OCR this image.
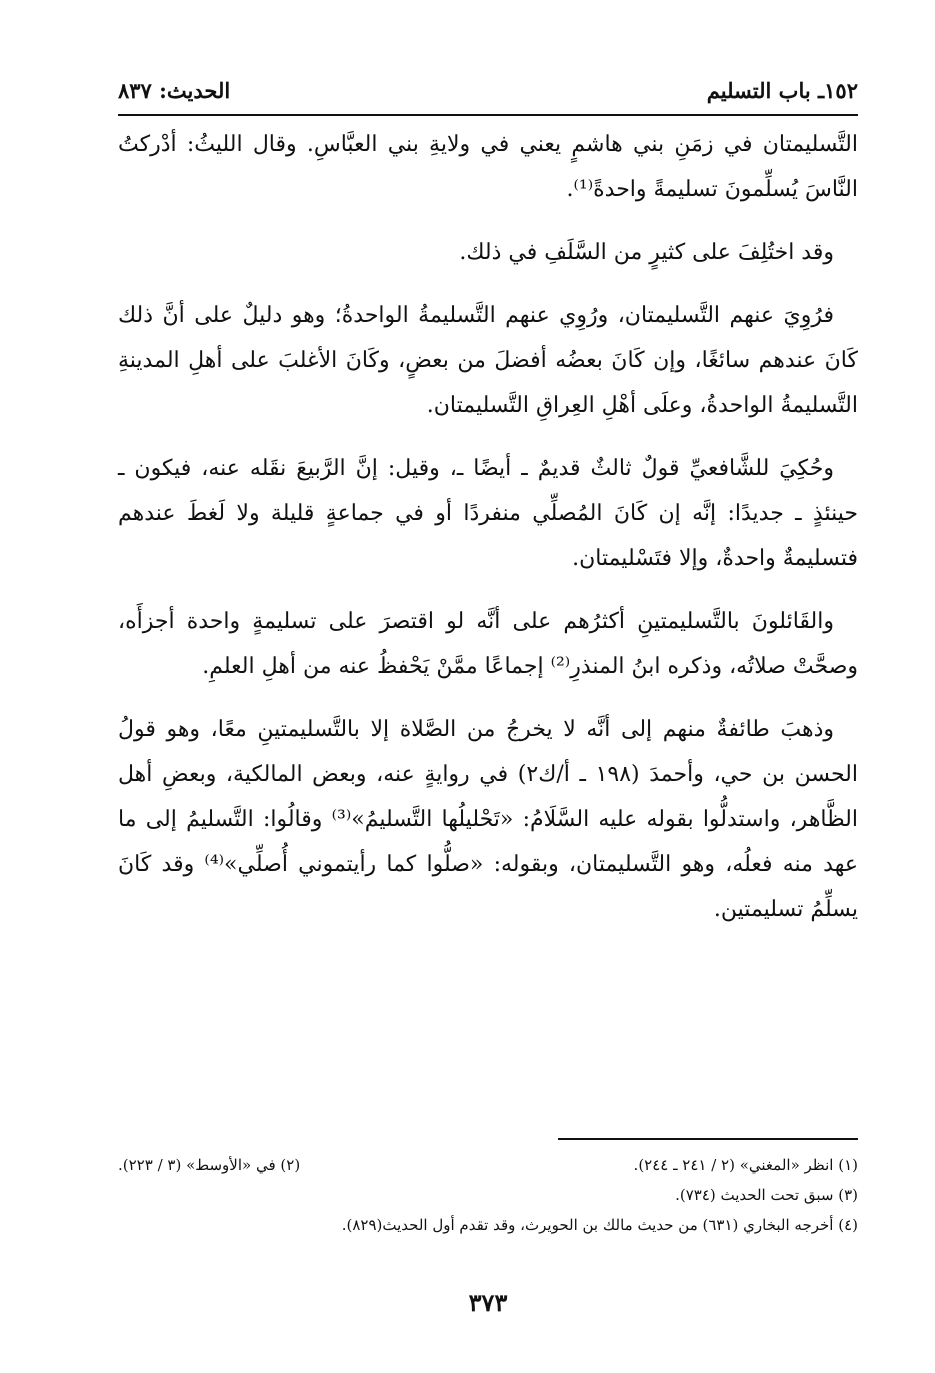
١٥٢ـ باب التسليم
الحديث: ٨٣٧

التَّسليمتان في زمَنِ بني هاشمٍ يعني في ولايةِ بني العبَّاسِ. وقال الليثُ: أدْركتُ النَّاسَ يُسلِّمونَ تسليمةً واحدةً⁽¹⁾.

وقد اختُلِفَ على كثيرٍ من السَّلَفِ في ذلك.

فرُوِيَ عنهم التَّسليمتان، ورُوِي عنهم التَّسليمةُ الواحدةُ؛ وهو دليلٌ على أنَّ ذلك كَانَ عندهم سائغًا، وإن كَانَ بعضُه أفضلَ من بعضٍ، وكَانَ الأغلبَ على أهلِ المدينةِ التَّسليمةُ الواحدةُ، وعلَى أهْلِ العِراقِ التَّسليمتان.

وحُكِيَ للشَّافعيِّ قولٌ ثالثٌ قديمٌ ـ أيضًا ـ، وقيل: إنَّ الرَّبيعَ نقَله عنه، فيكون ـ حينئذٍ ـ جديدًا: إنَّه إن كَانَ المُصلِّي منفردًا أو في جماعةٍ قليلة ولا لَغطَ عندهم فتسليمةٌ واحدةٌ، وإلا فتَسْليمتان.

والقَائلونَ بالتَّسليمتينِ أكثرُهم على أنَّه لو اقتصرَ على تسليمةٍ واحدة أجزأَه، وصحَّتْ صلاتُه، وذكره ابنُ المنذرِ⁽²⁾ إجماعًا ممَّنْ يَحْفظُ عنه من أهلِ العلمِ.

وذهبَ طائفةٌ منهم إلى أنَّه لا يخرجُ من الصَّلاة إلا بالتَّسليمتينِ معًا، وهو قولُ الحسن بن حي، وأحمدَ (١٩٨ ـ أ/ك٢) في روايةٍ عنه، وبعض المالكية، وبعضِ أهل الظَّاهر، واستدلُّوا بقوله عليه السَّلَامُ: «تَحْليلُها التَّسليمُ»⁽³⁾ وقالُوا: التَّسليمُ إلى ما عهد منه فعلُه، وهو التَّسليمتان، وبقوله: «صلُّوا كما رأيتموني أُصلِّي»⁽⁴⁾ وقد كَانَ يسلِّمُ تسليمتين.

(١) انظر «المغني» (٢ / ٢٤١ ـ ٢٤٤).
(٢) في «الأوسط» (٣ / ٢٢٣).
(٣) سبق تحت الحديث (٧٣٤).
(٤) أخرجه البخاري (٦٣١) من حديث مالك بن الحويرث، وقد تقدم أول الحديث(٨٢٩).
٣٧٣
